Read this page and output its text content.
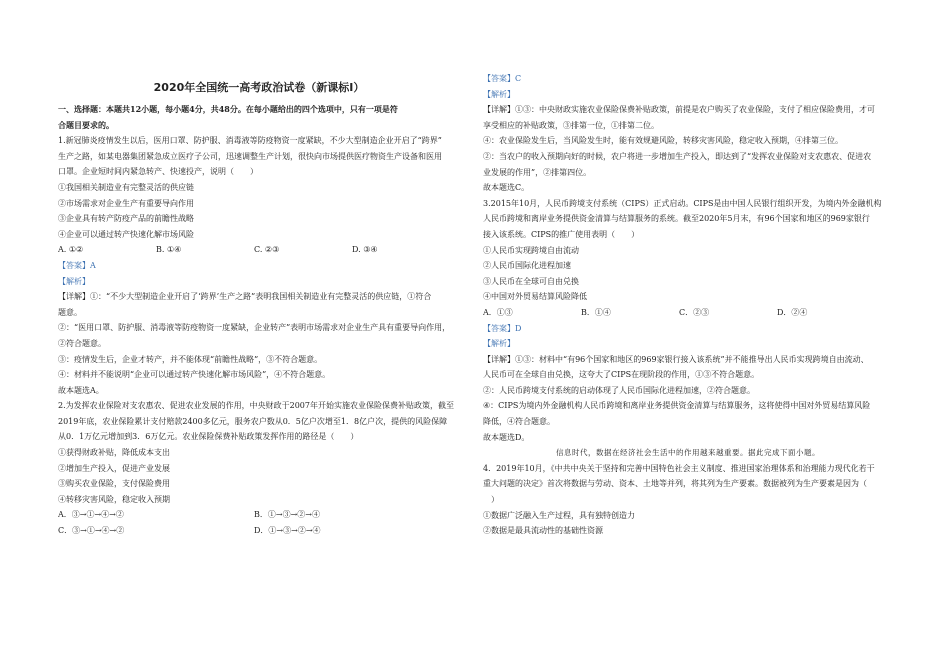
2020年全国统一高考政治试卷（新课标Ⅰ）
一、选择题：本题共12小题，每小题4分，共48分。在每小题给出的四个选项中，只有一项是符
合题目要求的。
1.新冠肺炎疫情发生以后，医用口罩、防护服、消毒液等防疫物资一度紧缺，不少大型制造企业开启了“跨界”
生产之路，如某电器集团紧急成立医疗子公司，迅速调整生产计划，很快向市场提供医疗物资生产设备和医用
口罩。企业短时间内紧急转产、快速投产，说明（　　）
①我国相关制造业有完整灵活的供应链
②市场需求对企业生产有重要导向作用
③企业具有转产防疫产品的前瞻性战略
④企业可以通过转产快速化解市场风险
A. ①②	B. ①④	C. ②③	D. ③④
【答案】A
【解析】
【详解】①：“不少大型制造企业开启了‘跨界’生产之路”表明我国相关制造业有完整灵活的供应链，①符合
题意。
②：“医用口罩、防护服、消毒液等防疫物资一度紧缺，企业转产”表明市场需求对企业生产具有重要导向作用，
②符合题意。
③：疫情发生后，企业才转产，并不能体现“前瞻性战略”，③不符合题意。
④：材料并不能说明“企业可以通过转产快速化解市场风险”，④不符合题意。
故本题选A。
2.为发挥农业保险对支农惠农、促进农业发展的作用，中央财政于2007年开始实施农业保险保费补贴政策，截至
2019年底，农业保险累计支付赔款2400多亿元，服务农户数从0．5亿户次增至1．8亿户次，提供的风险保障
从0．1万亿元增加到3．6万亿元。农业保险保费补贴政策发挥作用的路径是（　　）
①获得财政补贴，降低成本支出
②增加生产投入，促进产业发展
③购买农业保险，支付保险费用
④转移灾害风险，稳定收入预期
A．③→①→④→②	B．①→③→②→④
C．③→①→④→②	D．①→③→②→④
【答案】C
【解析】
【详解】①③：中央财政实施农业保险保费补贴政策，前提是农户购买了农业保险，支付了相应保险费用，才可
享受相应的补贴政策，③排第一位，①排第二位。
④：农业保险发生后，当风险发生时，能有效规避风险，转移灾害风险，稳定收入预期，④排第三位。
②：当农户的收入预期向好的时候，农户将进一步增加生产投入，即达到了“发挥农业保险对支农惠农、促进农
业发展的作用”，②排第四位。
故本题选C。
3.2015年10月，人民币跨境支付系统（CIPS）正式启动。CIPS是由中国人民银行组织开发，为境内外金融机构
人民币跨境和离岸业务提供资金清算与结算服务的系统。截至2020年5月末，有96个国家和地区的969家银行
接入该系统。CIPS的推广使用表明（　　）
①人民币实现跨境自由流动
②人民币国际化进程加速
③人民币在全球可自由兑换
④中国对外贸易结算风险降低
A．①③	B．①④	C．②③	D．②④
【答案】D
【解析】
【详解】①③：材料中“有96个国家和地区的969家银行接入该系统”并不能推导出人民币实现跨境自由流动、
人民币可在全球自由兑换，这夸大了CIPS在现阶段的作用，①③不符合题意。
②：人民币跨境支付系统的启动体现了人民币国际化进程加速，②符合题意。
④：CIPS为境内外金融机构人民币跨境和离岸业务提供资金清算与结算服务，这将使得中国对外贸易结算风险
降低，④符合题意。
故本题选D。
信息时代，数据在经济社会生活中的作用越来越重要。据此完成下面小题。
4．2019年10月，《中共中央关于坚持和完善中国特色社会主义制度、推进国家治理体系和治理能力现代化若干
重大问题的决定》首次将数据与劳动、资本、土地等并列，将其列为生产要素。数据被列为生产要素是因为（
　）
①数据广泛融入生产过程，具有独特创造力
②数据是最具流动性的基础性资源
